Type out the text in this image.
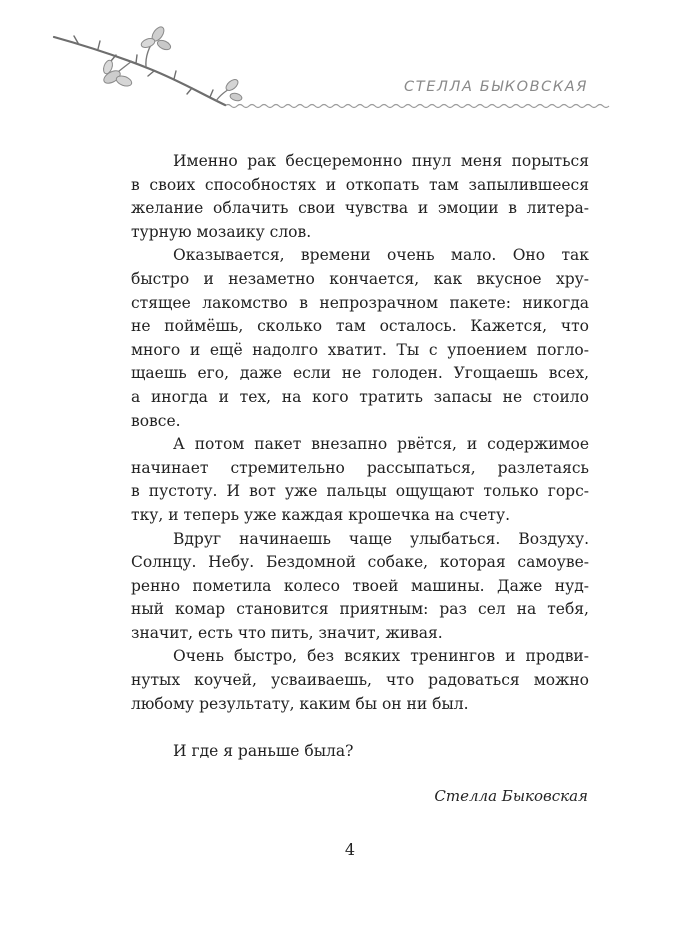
СТЕЛЛА БЫКОВСКАЯ
Именно рак бесцеремонно пнул меня порыться
в своих способностях и откопать там запылившееся
желание облачить свои чувства и эмоции в литера-
турную мозаику слов.
Оказывается, времени очень мало. Оно так
быстро и незаметно кончается, как вкусное хру-
стящее лакомство в непрозрачном пакете: никогда
не поймёшь, сколько там осталось. Кажется, что
много и ещё надолго хватит. Ты с упоением погло-
щаешь его, даже если не голоден. Угощаешь всех,
а иногда и тех, на кого тратить запасы не стоило
вовсе.
А потом пакет внезапно рвётся, и содержимое
начинает стремительно рассыпаться, разлетаясь
в пустоту. И вот уже пальцы ощущают только горс-
тку, и теперь уже каждая крошечка на счету.
Вдруг начинаешь чаще улыбаться. Воздуху.
Солнцу. Небу. Бездомной собаке, которая самоуве-
ренно пометила колесо твоей машины. Даже нуд-
ный комар становится приятным: раз сел на тебя,
значит, есть что пить, значит, живая.
Очень быстро, без всяких тренингов и продви-
нутых коучей, усваиваешь, что радоваться можно
любому результату, каким бы он ни был.
И где я раньше была?
Стелла Быковская
4
